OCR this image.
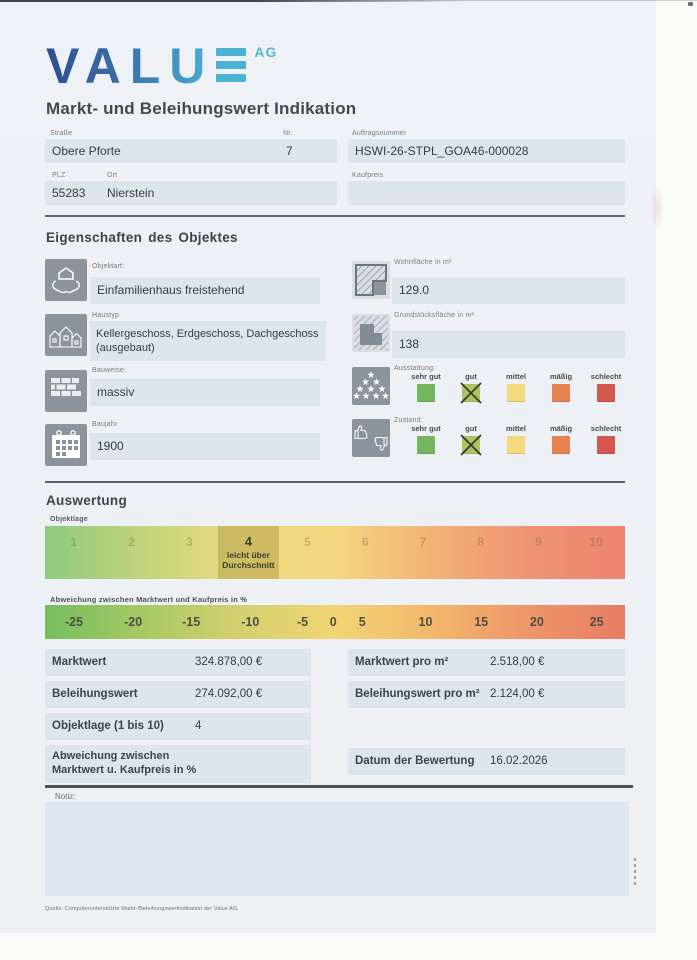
VALU	AG
Markt- und Beleihungswert Indikation
Straße
Obere Pforte
Nr.
7
Auftragsnummer
HSWI-26-STPL_GOA46-000028
PLZ	Ort
55283	Nierstein
Kaufpreis
Eigenschaften des Objektes
Objektart:
Einfamilienhaus freistehend
Haustyp
Kellergeschoss, Erdgeschoss, Dachgeschoss (ausgebaut)
Bauweise:
massiv
Baujahr
1900
Wohnfläche in m²
129.0
Grundstücksfläche in m²
138
Ausstattung:
sehr gut	gut	mittel	mäßig schlecht
Zustand:
sehr gut	gut	mittel	mäßig schlecht
Auswertung
Objektlage
1	2	3	4
leicht über Durchschnitt
5	6	7	8	9	10
Abweichung zwischen Marktwert und Kaufpreis in %
-25	-20	-15	-10	-5 0 5	10	15	20	25
Marktwert	324.878,00 €	Marktwert pro m²	2.518,00 €
Beleihungswert	274.092,00 €	Beleihungswert pro m² 2.124,00 €
Objektlage (1 bis 10)	4
Abweichung zwischen Marktwert u. Kaufpreis in %
Datum der Bewertung	16.02.2026
Notiz:
Quelle: Computerunterstützte Markt-/Beleihungswertindikation der Value AG
